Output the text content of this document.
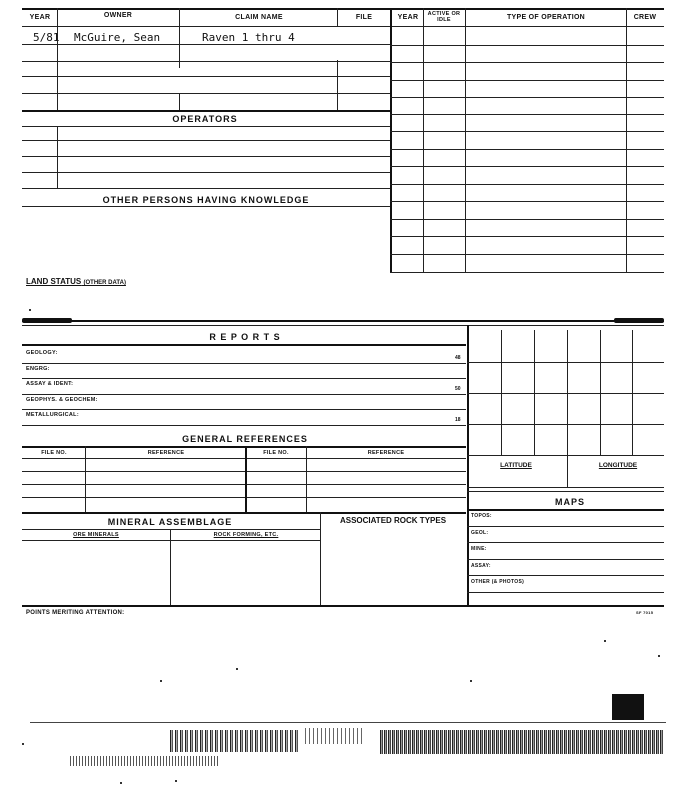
YEAR	OWNER	CLAIM NAME	FILE	YEAR	ACTIVE OR IDLE	TYPE OF OPERATION	CREW
5/81 McGuire, Sean	Raven 1 thru 4
OPERATORS
OTHER PERSONS HAVING KNOWLEDGE
LAND STATUS (OTHER DATA)
R E P O R T S
GEOLOGY:
48
ENGRG:
ASSAY & IDENT:
50
GEOPHYS. & GEOCHEM:
METALLURGICAL:
18
LATITUDE	LONGITUDE
MAPS
TOPOS:
GEOL:
MINE:
ASSAY:
OTHER (& PHOTOS)
GENERAL REFERENCES
FILE NO.	REFERENCE	FILE NO.	REFERENCE
MINERAL ASSEMBLAGE	ASSOCIATED ROCK TYPES
ORE MINERALS	ROCK FORMING, ETC.
POINTS MERITING ATTENTION:	SF 7015
